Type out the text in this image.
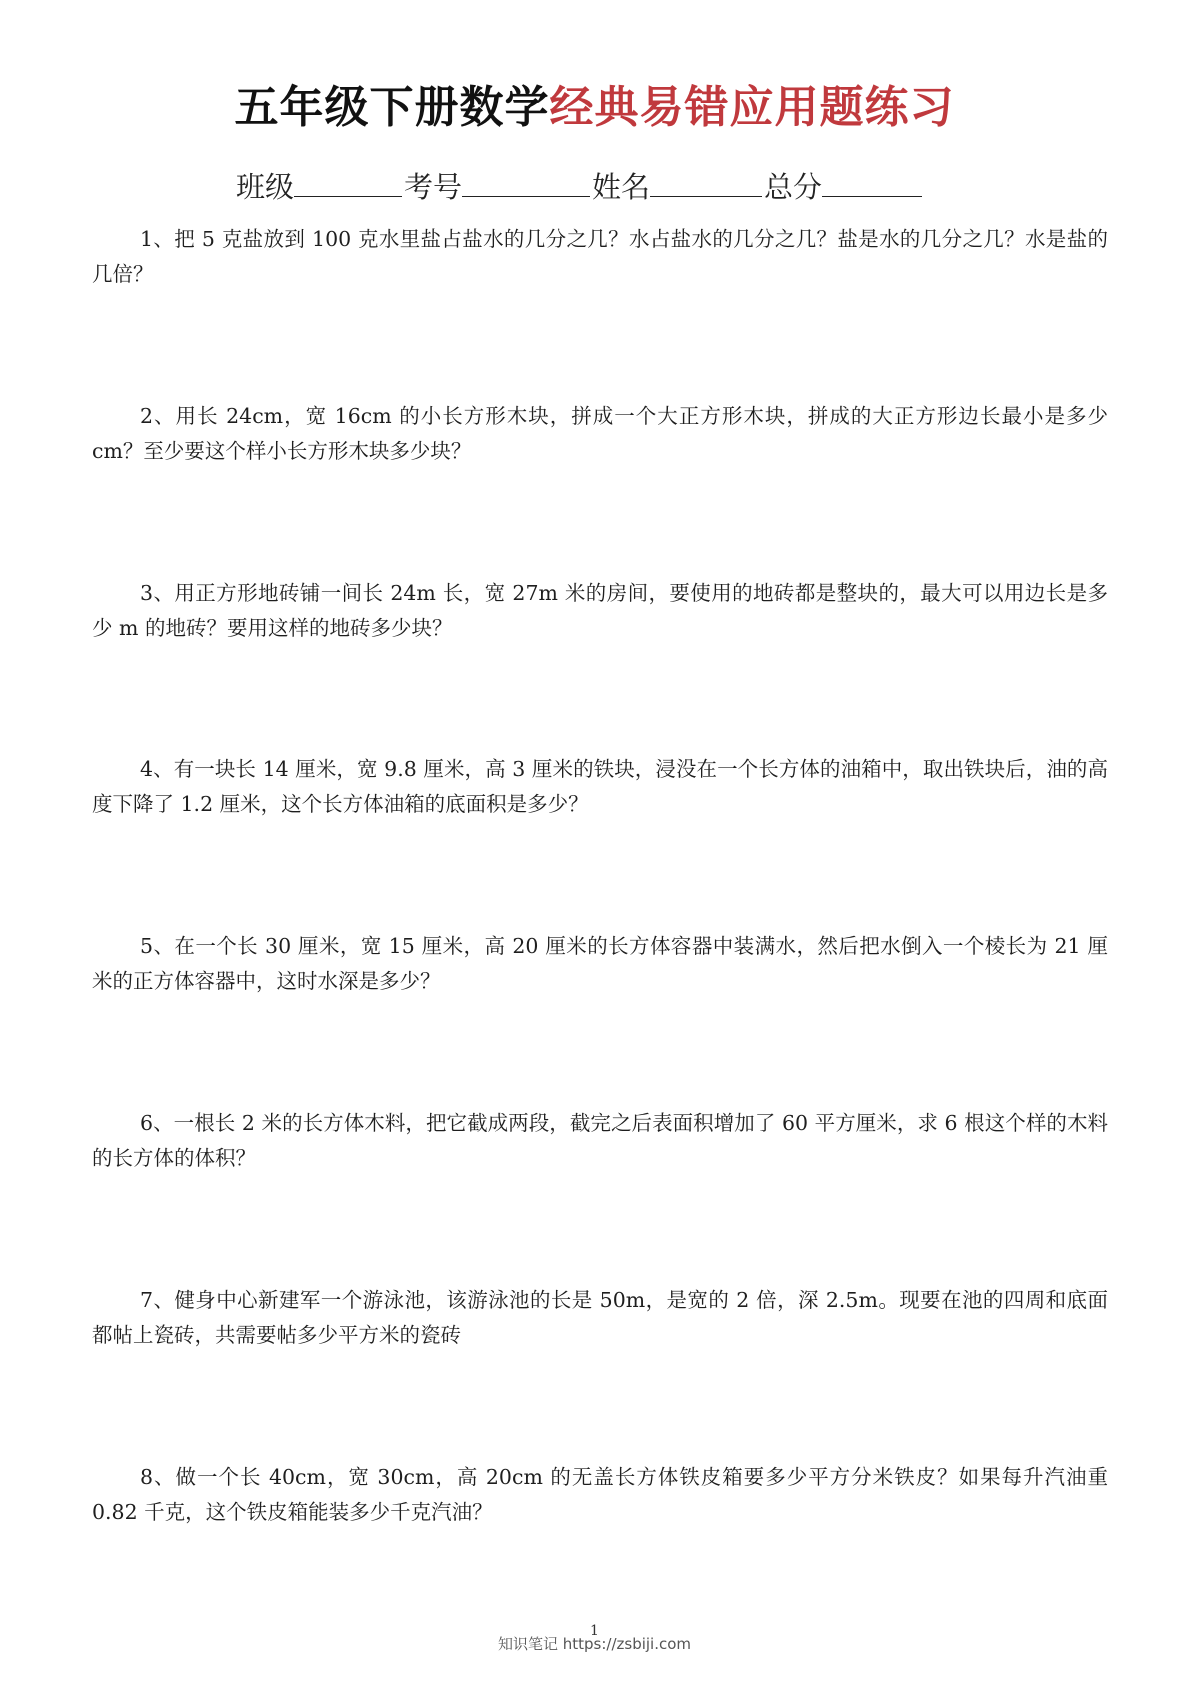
五年级下册数学经典易错应用题练习
班级	考号	姓名	总分
1、把 5 克盐放到 100 克水里盐占盐水的几分之几？水占盐水的几分之几？盐是水的几分之几？水是盐的几倍？
2、用长 24cm，宽 16cm 的小长方形木块，拼成一个大正方形木块，拼成的大正方形边长最小是多少 cm？至少要这个样小长方形木块多少块？
3、用正方形地砖铺一间长 24m 长，宽 27m 米的房间，要使用的地砖都是整块的，最大可以用边长是多少 m 的地砖？要用这样的地砖多少块？
4、有一块长 14 厘米，宽 9.8 厘米，高 3 厘米的铁块，浸没在一个长方体的油箱中，取出铁块后，油的高度下降了 1.2 厘米，这个长方体油箱的底面积是多少？
5、在一个长 30 厘米，宽 15 厘米，高 20 厘米的长方体容器中装满水，然后把水倒入一个棱长为 21 厘米的正方体容器中，这时水深是多少？
6、一根长 2 米的长方体木料，把它截成两段，截完之后表面积增加了 60 平方厘米，求 6 根这个样的木料的长方体的体积？
7、健身中心新建军一个游泳池，该游泳池的长是 50m，是宽的 2 倍，深 2.5m。现要在池的四周和底面都帖上瓷砖，共需要帖多少平方米的瓷砖
8、做一个长 40cm，宽 30cm，高 20cm 的无盖长方体铁皮箱要多少平方分米铁皮？如果每升汽油重 0.82 千克，这个铁皮箱能装多少千克汽油？
1
知识笔记 https://zsbiji.com
